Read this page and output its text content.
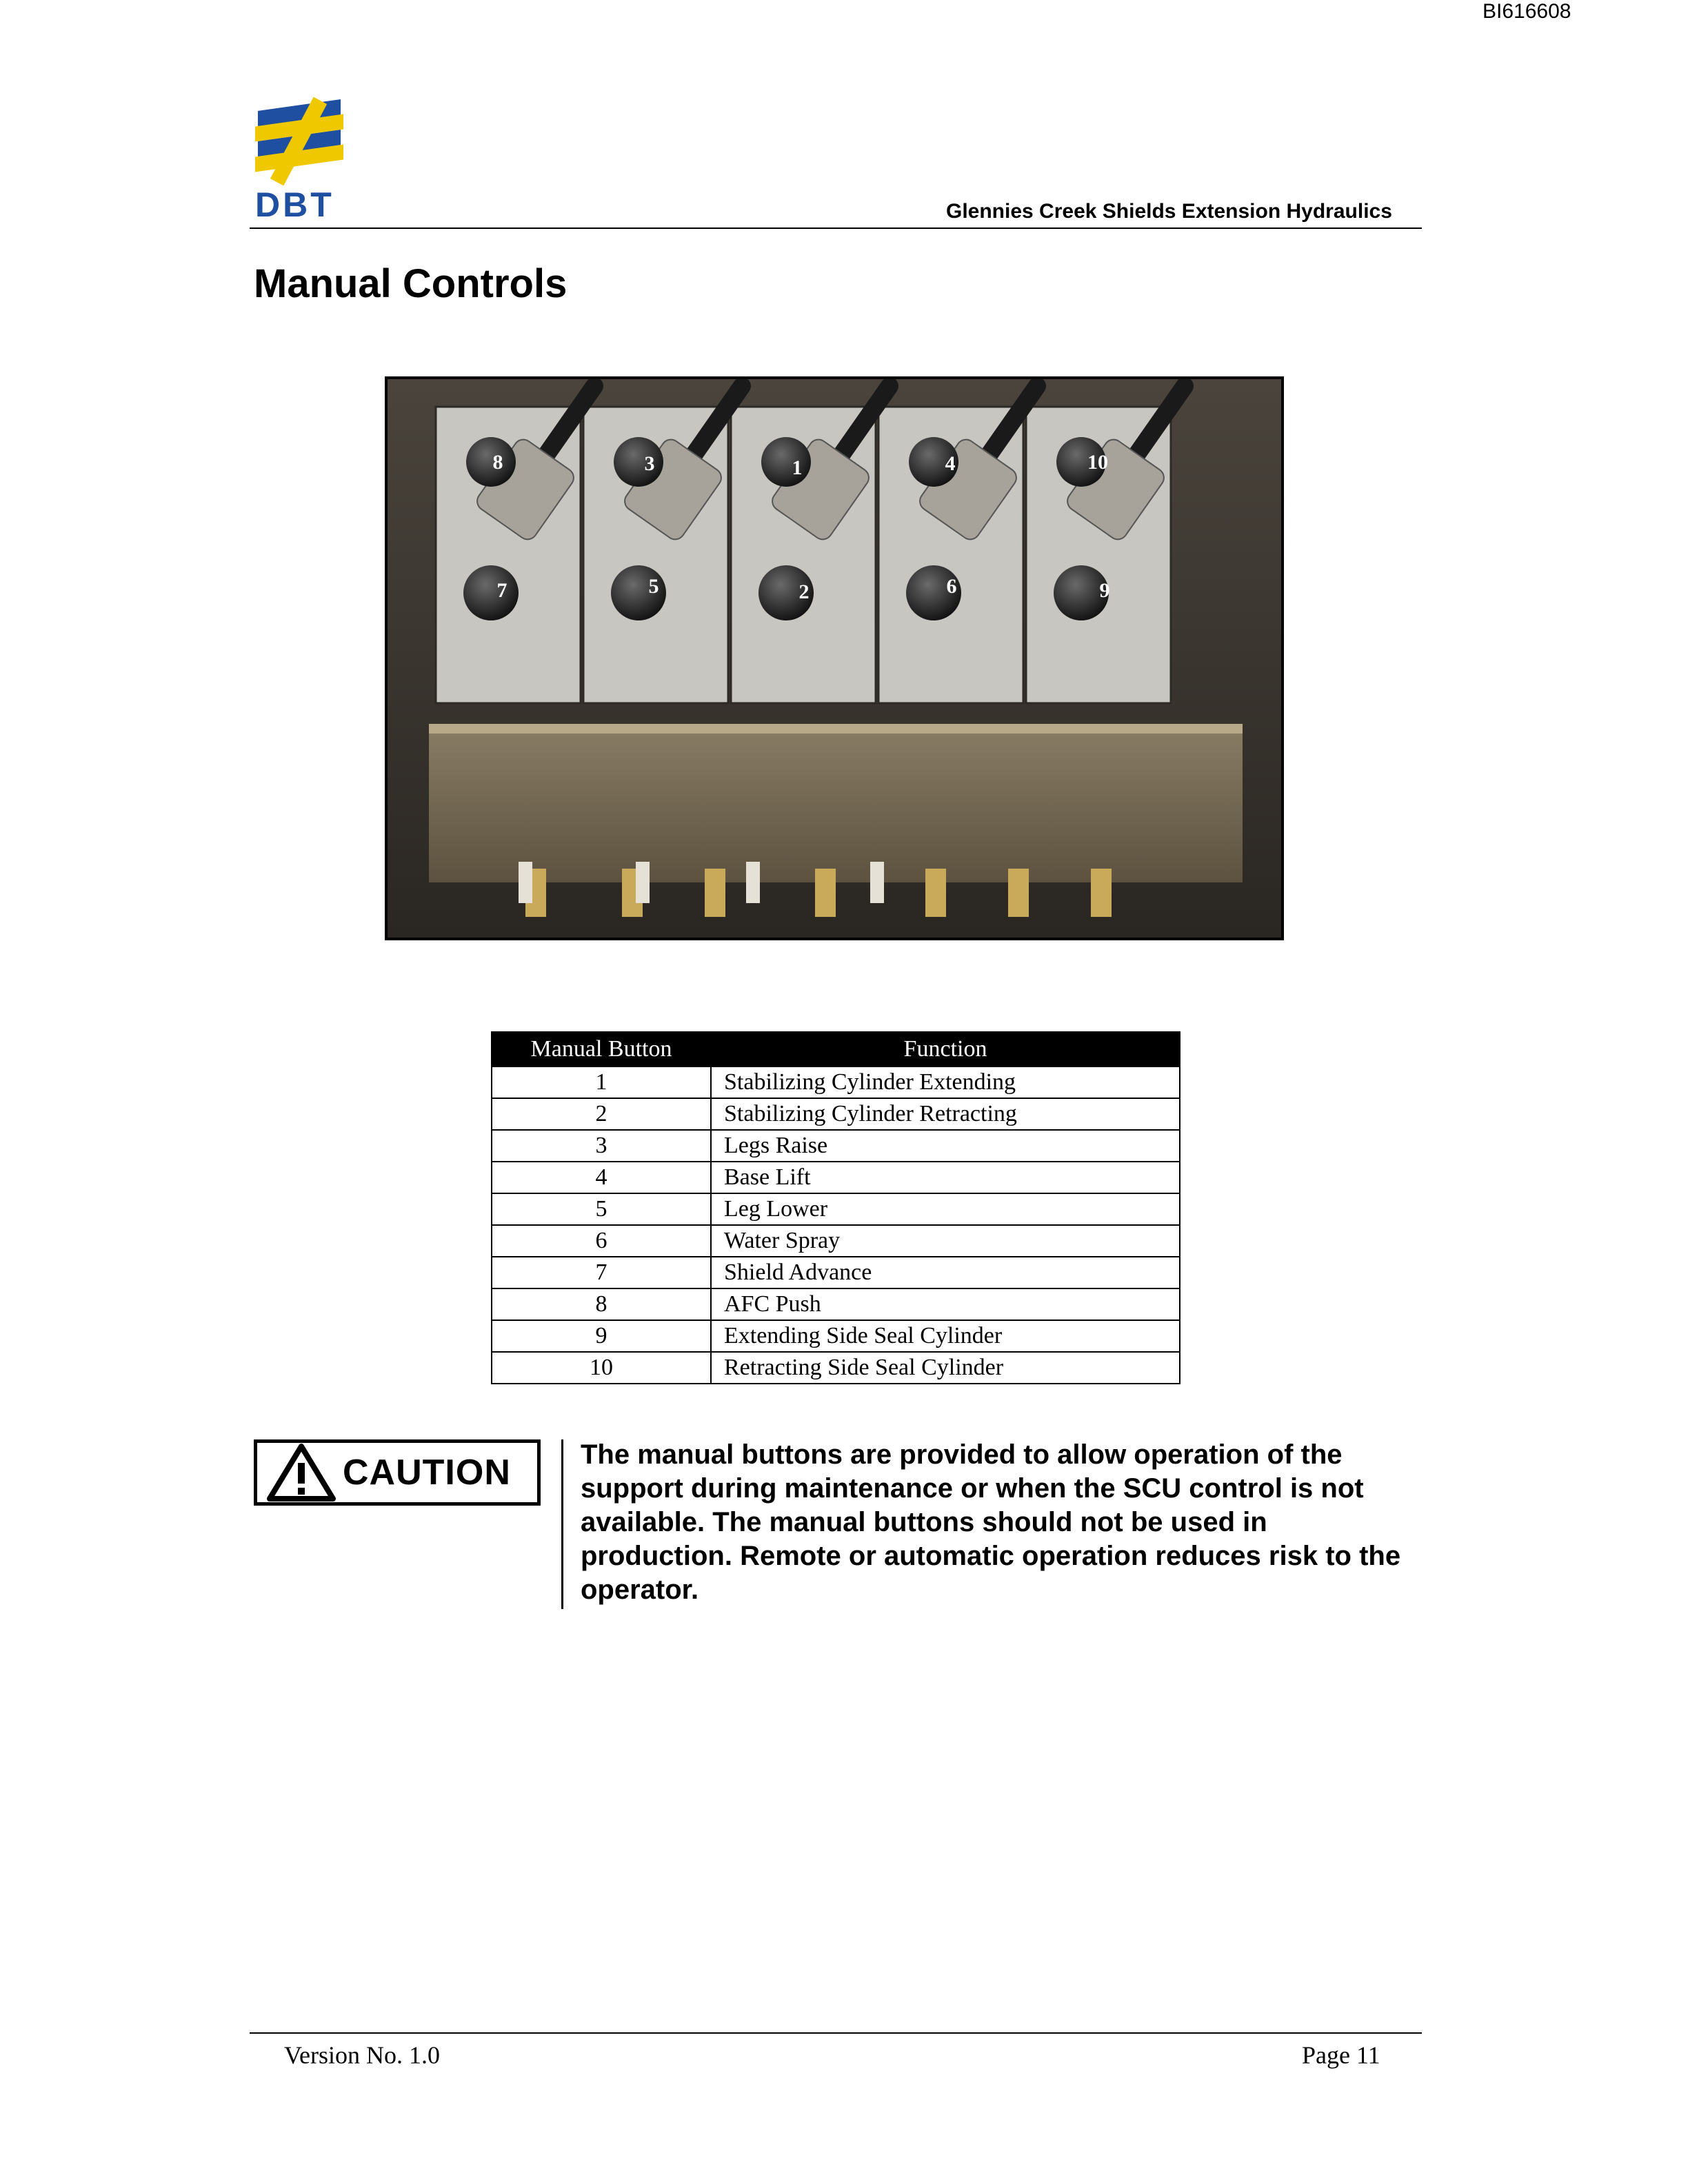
BI616608
DBT	Glennies Creek Shields Extension Hydraulics
Manual Controls
8	3	1	4	10
7	5	2	6	9
Manual Button	Function
1	Stabilizing Cylinder Extending
2	Stabilizing Cylinder Retracting
3	Legs Raise
4	Base Lift
5	Leg Lower
6	Water Spray
7	Shield Advance
8	AFC Push
9	Extending Side Seal Cylinder
10	Retracting Side Seal Cylinder
CAUTION	The manual buttons are provided to allow operation of the support during maintenance or when the SCU control is not available. The manual buttons should not be used in production. Remote or automatic operation reduces risk to the operator.

Version No. 1.0	Page 11
